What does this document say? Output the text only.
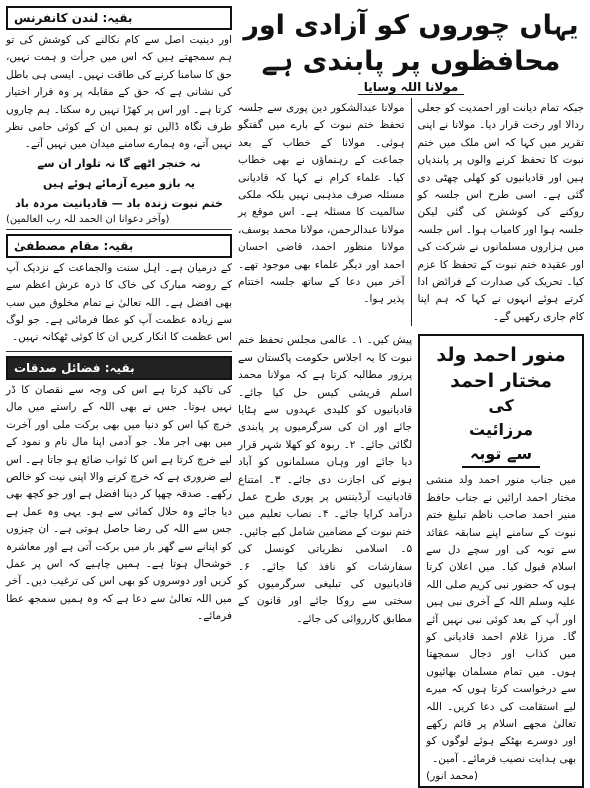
بقیہ: لندن کانفرنس

اور دینیت اصل سے کام نکالنے کی کوشش کی تو ہم سمجھتے ہیں کہ اس میں جرأت و ہمت نہیں، حق کا سامنا کرنے کی طاقت نہیں۔ ایسی ہی باطل کی نشانی ہے کہ حق کے مقابلہ پر وہ فرار اختیار کرتا ہے۔ اور اس پر کھڑا نہیں رہ سکتا۔ ہم چاروں طرف نگاہ ڈالیں تو ہمیں ان کے کوئی حامی نظر نہیں آتے، وہ ہمارے سامنے میدان میں نہیں آتے۔

نہ خنجر اٹھے گا نہ تلوار ان سے
یہ بازو میرے آزمائے ہوئے ہیں
ختم نبوت زندہ باد — قادیانیت مردہ باد
(وآخر دعوانا ان الحمد للہ رب العالمین)
بقیہ: مقام مصطفیٰ

کے درمیان ہے۔ اہل سنت والجماعت کے نزدیک آپ کے روضہ مبارک کی خاک کا ذرہ عرش اعظم سے بھی افضل ہے۔ اللہ تعالیٰ نے تمام مخلوق میں سب سے زیادہ عظمت آپ کو عطا فرمائی ہے۔ جو لوگ اس عظمت کا انکار کریں ان کا کوئی ٹھکانہ نہیں۔

بقیہ: فضائل صدقات

کی تاکید کرتا ہے اس کی وجہ سے نقصان کا ڈر نہیں ہوتا۔ جس نے بھی اللہ کے راستے میں مال خرچ کیا اس کو دنیا میں بھی برکت ملی اور آخرت میں بھی اجر ملا۔ جو آدمی اپنا مال نام و نمود کے لیے خرچ کرتا ہے اس کا ثواب ضائع ہو جاتا ہے۔ اس لیے ضروری ہے کہ خرچ کرنے والا اپنی نیت کو خالص رکھے۔ صدقہ چھپا کر دینا افضل ہے اور جو کچھ بھی دیا جائے وہ حلال کمائی سے ہو۔ یہی وہ عمل ہے جس سے اللہ کی رضا حاصل ہوتی ہے۔ ان چیزوں کو اپنانے سے گھر بار میں برکت آتی ہے اور معاشرہ خوشحال ہوتا ہے۔ ہمیں چاہیے کہ اس پر عمل کریں اور دوسروں کو بھی اس کی ترغیب دیں۔ آخر میں اللہ تعالیٰ سے دعا ہے کہ وہ ہمیں سمجھ عطا فرمائے۔

یہاں چوروں کو آزادی اور محافظوں پر پابندی ہے
مولانا اللہ وسایا

مولانا عبدالشکور دین پوری سے جلسہ تحفظ ختم نبوت کے بارے میں گفتگو ہوئی۔ مولانا کے خطاب کے بعد جماعت کے رہنماؤں نے بھی خطاب کیا۔ علماء کرام نے کہا کہ قادیانی مسئلہ صرف مذہبی نہیں بلکہ ملکی سالمیت کا مسئلہ ہے۔ اس موقع پر مولانا عبدالرحمن، مولانا محمد یوسف، مولانا منظور احمد، قاضی احسان احمد اور دیگر علماء بھی موجود تھے۔ آخر میں دعا کے ساتھ جلسہ اختتام پذیر ہوا۔

جبکہ تمام دیانت اور احمدیت کو جعلی ردالا اور رخت قرار دیا۔ مولانا نے اپنی تقریر میں کہا کہ اس ملک میں ختم نبوت کا تحفظ کرنے والوں پر پابندیاں ہیں اور قادیانیوں کو کھلی چھٹی دی گئی ہے۔ اسی طرح اس جلسہ کو روکنے کی کوشش کی گئی لیکن جلسہ ہوا اور کامیاب ہوا۔ اس جلسہ میں ہزاروں مسلمانوں نے شرکت کی اور عقیدہ ختم نبوت کے تحفظ کا عزم کیا۔ تحریک کی صدارت کے فرائض ادا کرتے ہوئے انہوں نے کہا کہ ہم اپنا کام جاری رکھیں گے۔

پیش کیں۔ ۱۔ عالمی مجلس تحفظ ختم نبوت کا یہ اجلاس حکومت پاکستان سے پرزور مطالبہ کرتا ہے کہ مولانا محمد اسلم قریشی کیس حل کیا جائے۔ قادیانیوں کو کلیدی عہدوں سے ہٹایا جائے اور ان کی سرگرمیوں پر پابندی لگائی جائے۔ ۲۔ ربوہ کو کھلا شہر قرار دیا جائے اور وہاں مسلمانوں کو آباد ہونے کی اجازت دی جائے۔ ۳۔ امتناع قادیانیت آرڈیننس پر پوری طرح عمل درآمد کرایا جائے۔ ۴۔ نصاب تعلیم میں ختم نبوت کے مضامین شامل کیے جائیں۔ ۵۔ اسلامی نظریاتی کونسل کی سفارشات کو نافذ کیا جائے۔ ۶۔ قادیانیوں کی تبلیغی سرگرمیوں کو سختی سے روکا جائے اور قانون کے مطابق کارروائی کی جائے۔

منور احمد ولد مختار احمد
کی مرزائیت سے توبہ

میں جناب منور احمد ولد منشی مختار احمد ارائیں نے جناب حافظ منیر احمد صاحب ناظم تبلیغ ختم نبوت کے سامنے اپنے سابقہ عقائد سے توبہ کی اور سچے دل سے اسلام قبول کیا۔ میں اعلان کرتا ہوں کہ حضور نبی کریم صلی اللہ علیہ وسلم اللہ کے آخری نبی ہیں اور آپ کے بعد کوئی نبی نہیں آئے گا۔ مرزا غلام احمد قادیانی کو میں کذاب اور دجال سمجھتا ہوں۔ میں تمام مسلمان بھائیوں سے درخواست کرتا ہوں کہ میرے لیے استقامت کی دعا کریں۔ اللہ تعالیٰ مجھے اسلام پر قائم رکھے اور دوسرے بھٹکے ہوئے لوگوں کو بھی ہدایت نصیب فرمائے۔ آمین۔

(محمد انور)
